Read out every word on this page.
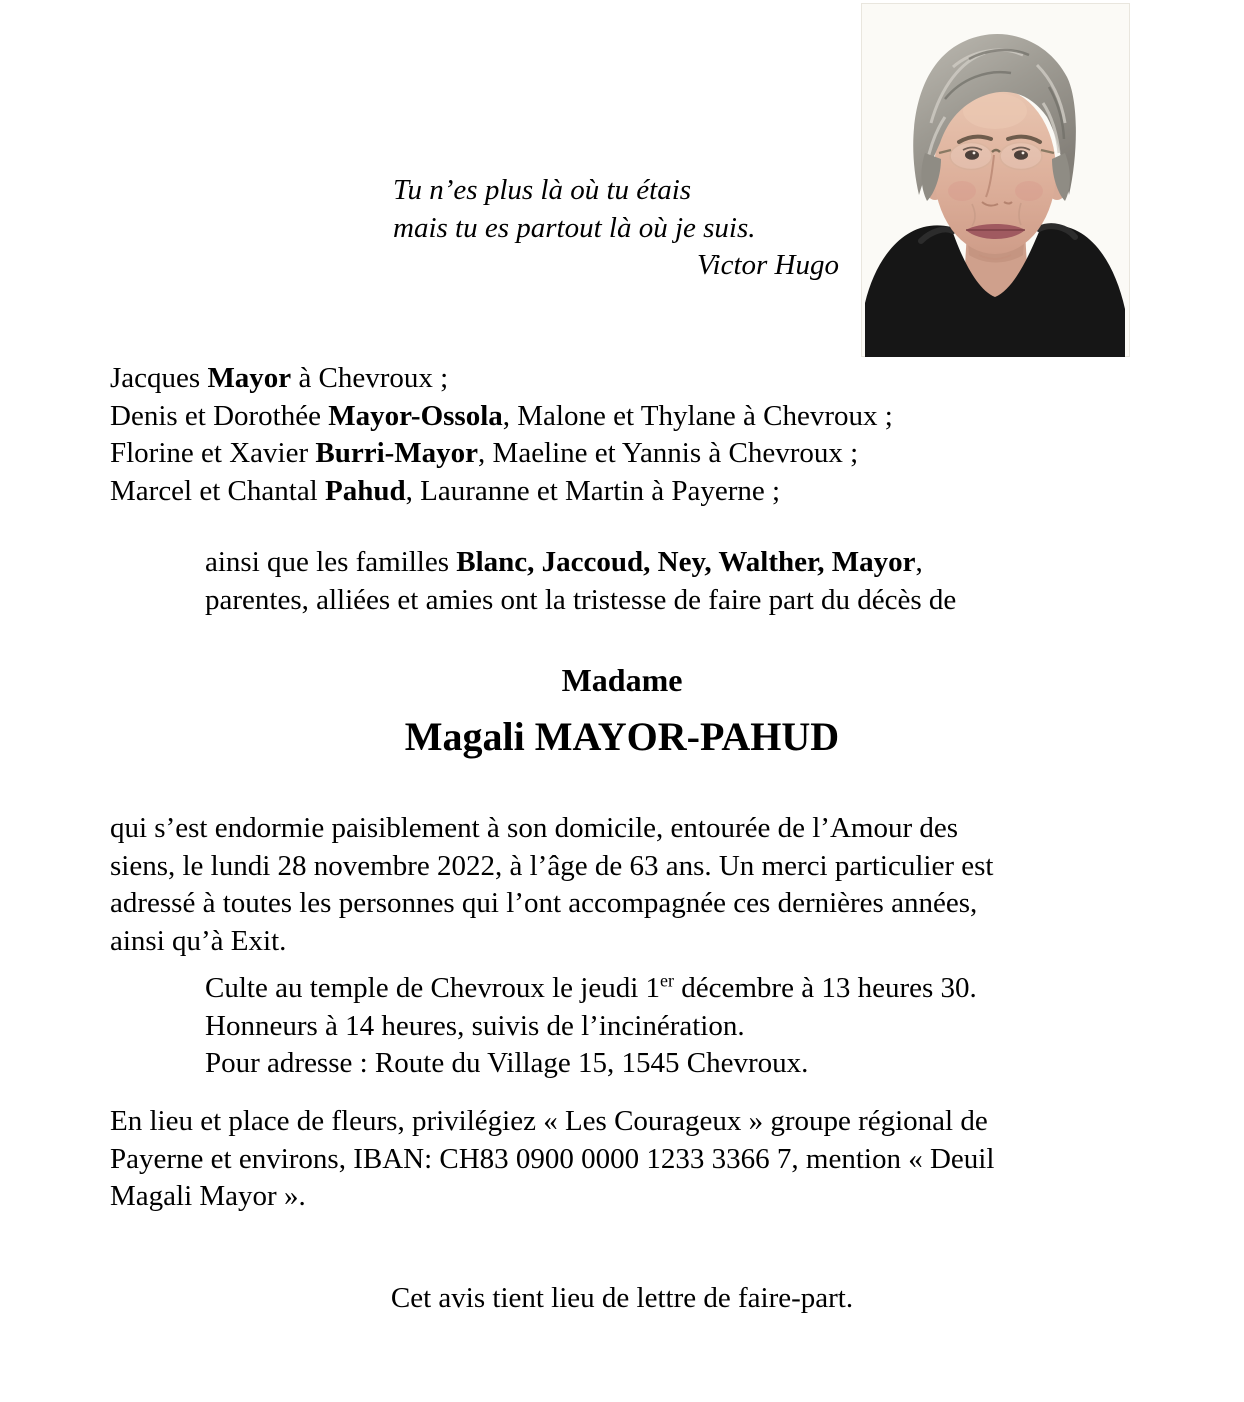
Tu n’es plus là où tu étais
mais tu es partout là où je suis.
Victor Hugo
Jacques Mayor à Chevroux ;
Denis et Dorothée Mayor-Ossola, Malone et Thylane à Chevroux ;
Florine et Xavier Burri-Mayor, Maeline et Yannis à Chevroux ;
Marcel et Chantal Pahud, Lauranne et Martin à Payerne ;
ainsi que les familles Blanc, Jaccoud, Ney, Walther, Mayor,
parentes, alliées et amies ont la tristesse de faire part du décès de
Madame
Magali MAYOR-PAHUD
qui s’est endormie paisiblement à son domicile, entourée de l’Amour des
siens, le lundi 28 novembre 2022, à l’âge de 63 ans. Un merci particulier est
adressé à toutes les personnes qui l’ont accompagnée ces dernières années,
ainsi qu’à Exit.
Culte au temple de Chevroux le jeudi 1er décembre à 13 heures 30.
Honneurs à 14 heures, suivis de l’incinération.
Pour adresse : Route du Village 15, 1545 Chevroux.
En lieu et place de fleurs, privilégiez « Les Courageux » groupe régional de
Payerne et environs, IBAN: CH83 0900 0000 1233 3366 7, mention « Deuil
Magali Mayor ».
Cet avis tient lieu de lettre de faire-part.
